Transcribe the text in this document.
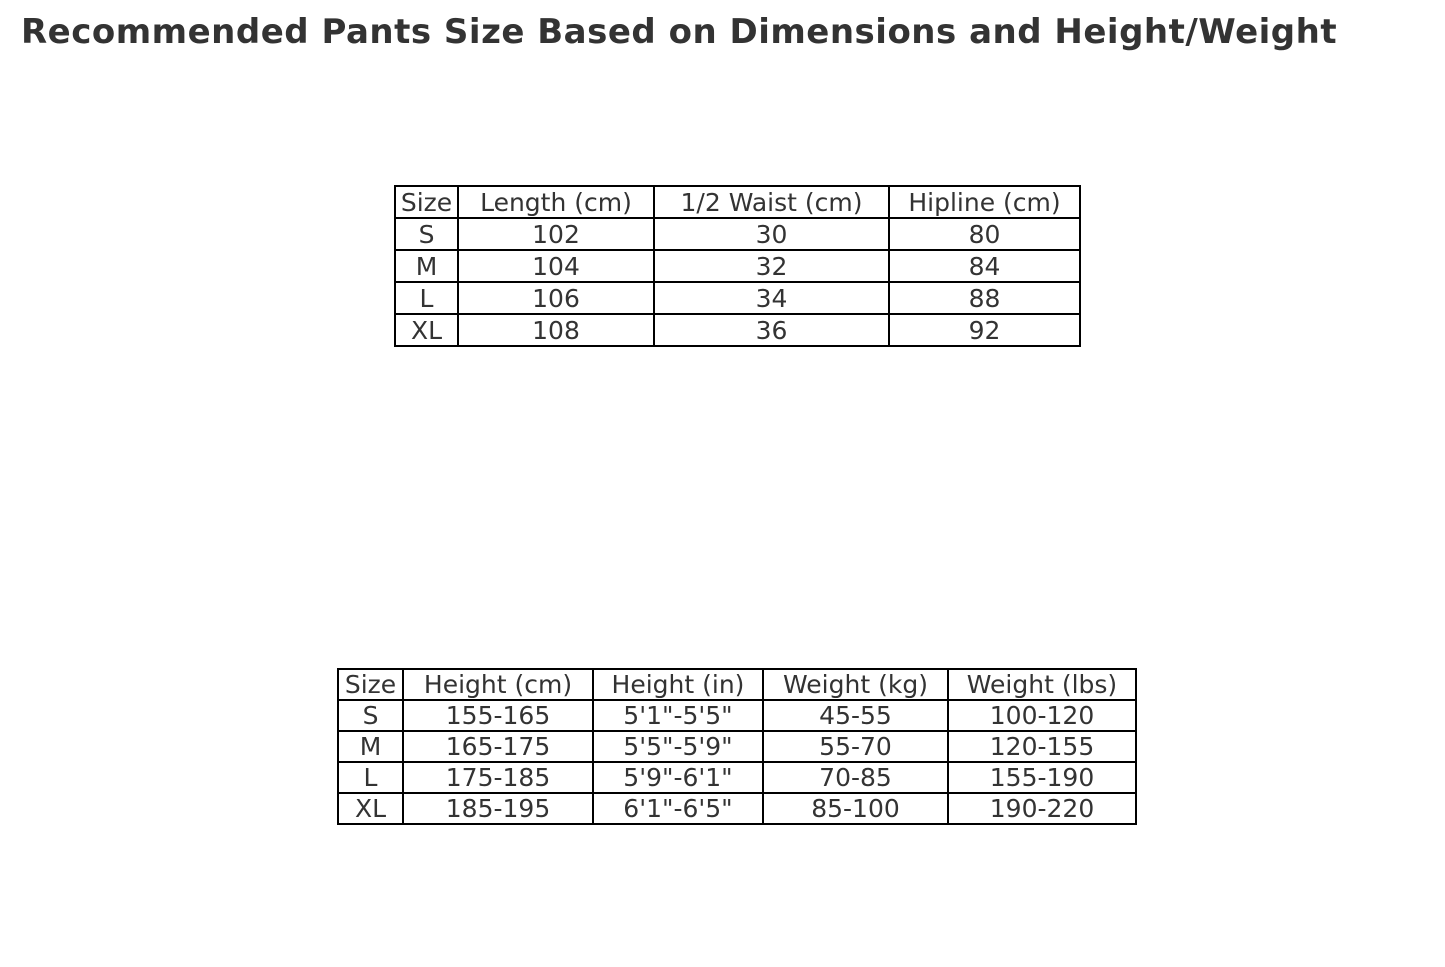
Recommended Pants Size Based on Dimensions and Height/Weight
Size	Length (cm)	1/2 Waist (cm)	Hipline (cm)
S	102	30	80
M	104	32	84
L	106	34	88
XL	108	36	92
Size	Height (cm)	Height (in)	Weight (kg)	Weight (lbs)
S	155-165	5'1"-5'5"	45-55	100-120
M	165-175	5'5"-5'9"	55-70	120-155
L	175-185	5'9"-6'1"	70-85	155-190
XL	185-195	6'1"-6'5"	85-100	190-220
